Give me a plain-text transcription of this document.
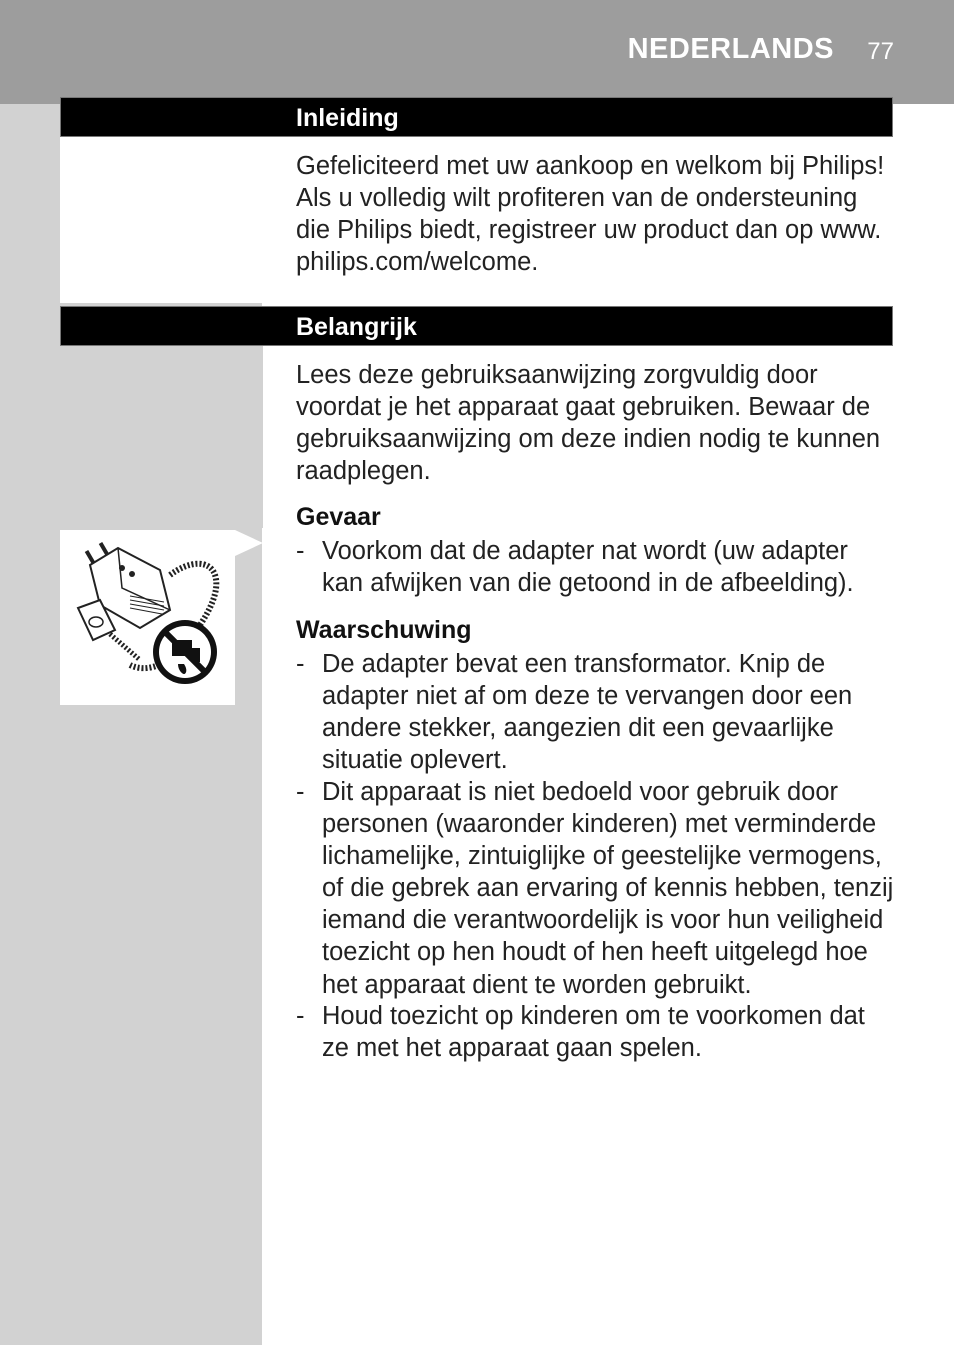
NEDERLANDS 77
Inleiding
Gefeliciteerd met uw aankoop en welkom bij Philips!
Als u volledig wilt profiteren van de ondersteuning
die Philips biedt, registreer uw product dan op www.
philips.com/welcome.
Belangrijk
Lees deze gebruiksaanwijzing zorgvuldig door
voordat je het apparaat gaat gebruiken. Bewaar de
gebruiksaanwijzing om deze indien nodig te kunnen
raadplegen.
Gevaar
- Voorkom dat de adapter nat wordt (uw adapter
kan afwijken van die getoond in de afbeelding).
Waarschuwing
- De adapter bevat een transformator. Knip de
adapter niet af om deze te vervangen door een
andere stekker, aangezien dit een gevaarlijke
situatie oplevert.
- Dit apparaat is niet bedoeld voor gebruik door
personen (waaronder kinderen) met verminderde
lichamelijke, zintuiglijke of geestelijke vermogens,
of die gebrek aan ervaring of kennis hebben, tenzij
iemand die verantwoordelijk is voor hun veiligheid
toezicht op hen houdt of hen heeft uitgelegd hoe
het apparaat dient te worden gebruikt.
- Houd toezicht op kinderen om te voorkomen dat
ze met het apparaat gaan spelen.
